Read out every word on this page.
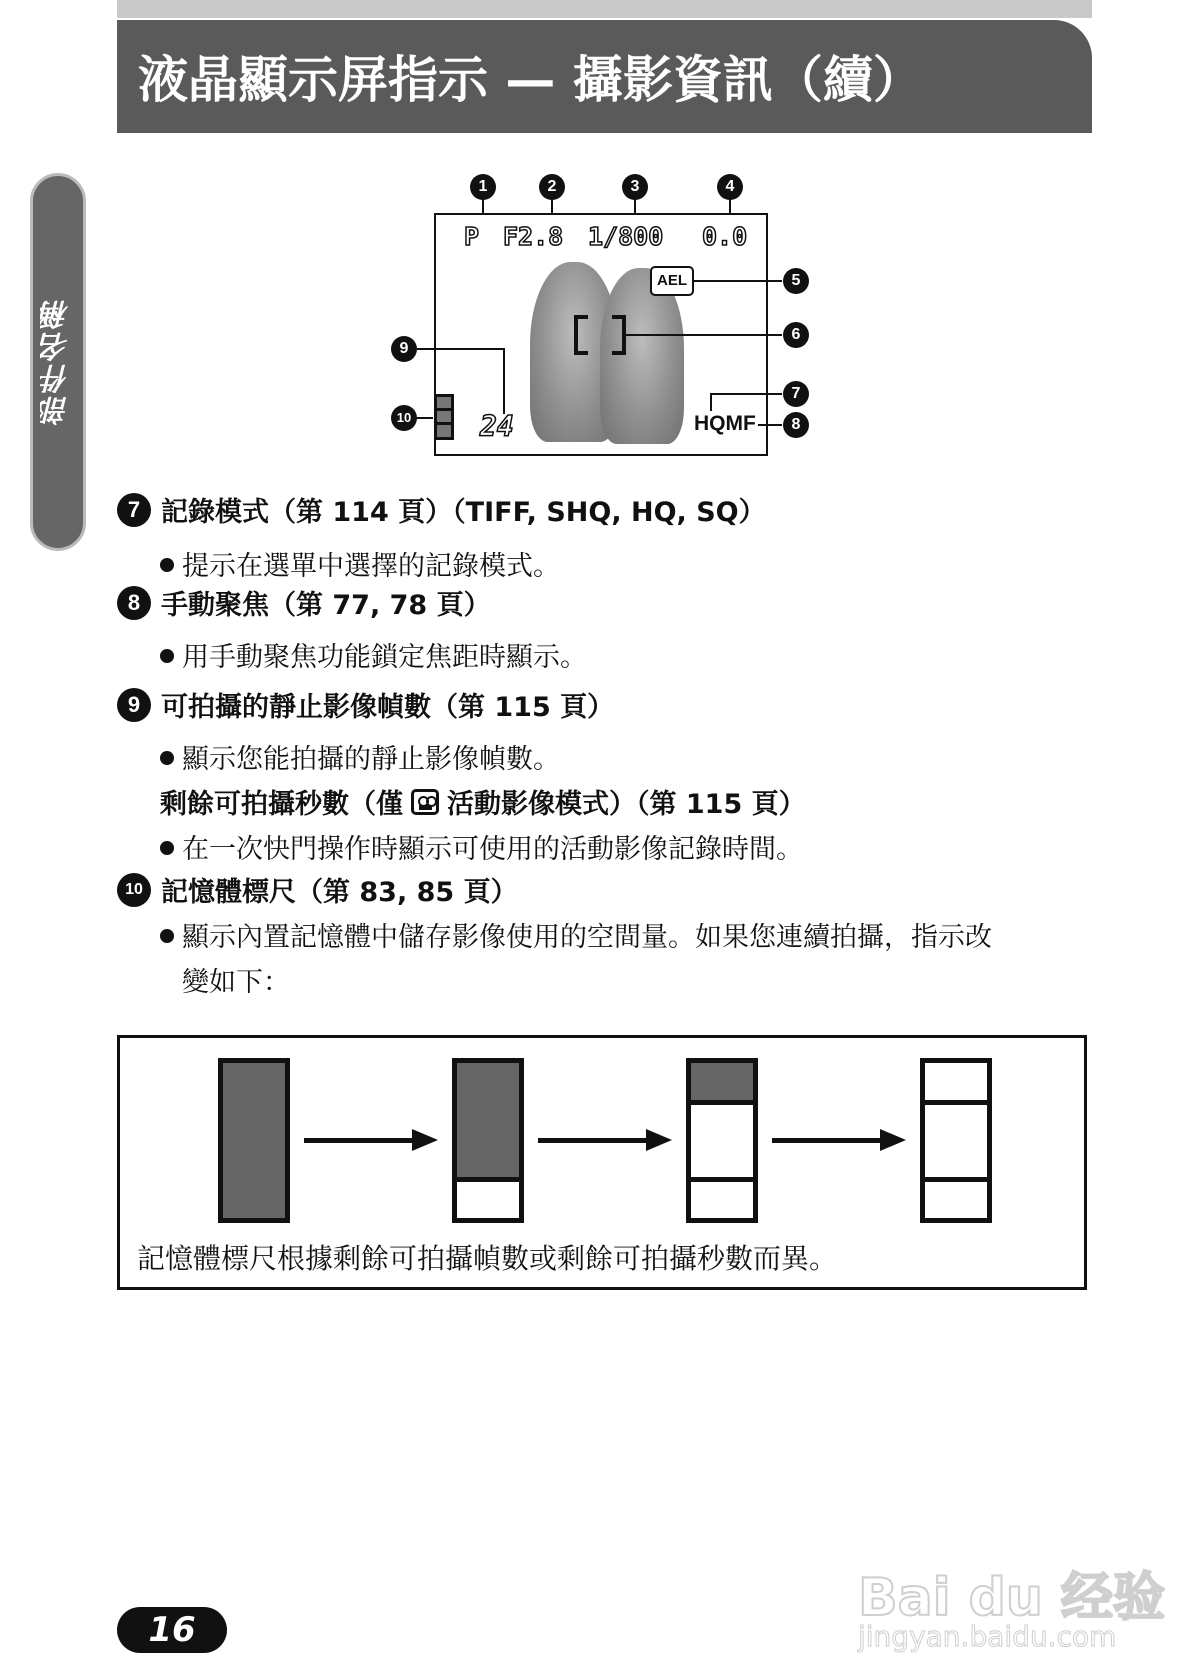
液晶顯示屏指示 — 攝影資訊（續）
部件名稱
1	2	3	4
P F2.8 1/800 0.0
AEL	5
6
9
24
10	HQMF
7
8
7 記錄模式（第 114 頁）（TIFF, SHQ, HQ, SQ）
提示在選單中選擇的記錄模式。
8 手動聚焦（第 77, 78 頁）
用手動聚焦功能鎖定焦距時顯示。
9 可拍攝的靜止影像幀數（第 115 頁）
顯示您能拍攝的靜止影像幀數。
剩餘可拍攝秒數（僅 活動影像模式）（第 115 頁）
在一次快門操作時顯示可使用的活動影像記錄時間。
10 記憶體標尺（第 83, 85 頁）
顯示內置記憶體中儲存影像使用的空間量。如果您連續拍攝，指示改
變如下：
記憶體標尺根據剩餘可拍攝幀數或剩餘可拍攝秒數而異。
16
Bai du 经验
jingyan.baidu.com
